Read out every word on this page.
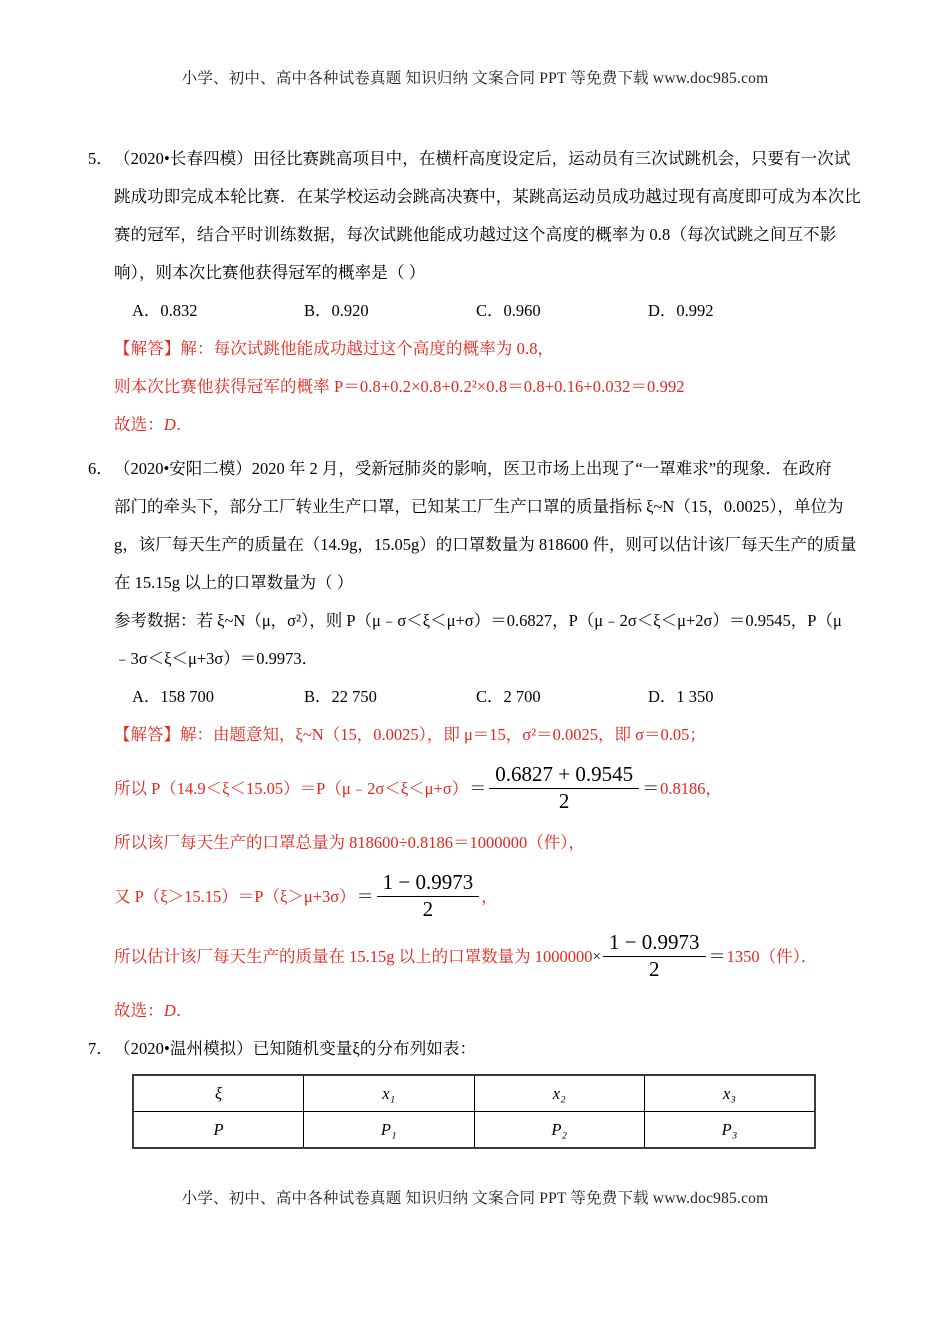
小学、初中、高中各种试卷真题 知识归纳 文案合同 PPT 等免费下载 www.doc985.com
5． （2020•长春四模）田径比赛跳高项目中，在横杆高度设定后，运动员有三次试跳机会，只要有一次试
跳成功即完成本轮比赛．在某学校运动会跳高决赛中，某跳高运动员成功越过现有高度即可成为本次比
赛的冠军，结合平时训练数据，每次试跳他能成功越过这个高度的概率为 0.8（每次试跳之间互不影
响），则本次比赛他获得冠军的概率是（ ）
A．0.832	B．0.920	C．0.960	D．0.992
【解答】解：每次试跳他能成功越过这个高度的概率为 0.8，
则本次比赛他获得冠军的概率 P＝0.8+0.2×0.8+0.2²×0.8＝0.8+0.16+0.032＝0.992
故选：D．
6． （2020•安阳二模）2020 年 2 月，受新冠肺炎的影响，医卫市场上出现了“一罩难求”的现象．在政府
部门的牵头下，部分工厂转业生产口罩，已知某工厂生产口罩的质量指标 ξ~N（15，0.0025），单位为
g，该厂每天生产的质量在（14.9g，15.05g）的口罩数量为 818600 件，则可以估计该厂每天生产的质量
在 15.15g 以上的口罩数量为（ ）
参考数据：若 ξ~N（μ，σ²），则 P（μ﹣σ＜ξ＜μ+σ）＝0.6827，P（μ﹣2σ＜ξ＜μ+2σ）＝0.9545，P（μ
﹣3σ＜ξ＜μ+3σ）＝0.9973．
A．158 700	B．22 750	C．2 700	D．1 350
【解答】解：由题意知，ξ~N（15，0.0025），即 μ＝15，σ²＝0.0025，即 σ＝0.05；
所以 P（14.9＜ξ＜15.05）＝P（μ﹣2σ＜ξ＜μ+σ）＝ $\frac{0.6827 + 0.9545}{2} =0.8186$，
所以该厂每天生产的口罩总量为 818600÷0.8186＝1000000（件），
又 $P(\xi>15.15)=P(\xi>\mu+3\sigma)= \frac{1 - 0.9973}{2}$ ，
所以估计该厂每天生产的质量在 15.15g 以上的口罩数量为 $1000000\times \frac{1 - 0.9973}{2} =1350$（件）．
故选：D．
7． （2020•温州模拟）已知随机变量ξ的分布列如表：
ξ	x₁	x₂	x₃
P	P₁	P₂	P₃
小学、初中、高中各种试卷真题 知识归纳 文案合同 PPT 等免费下载 www.doc985.com
